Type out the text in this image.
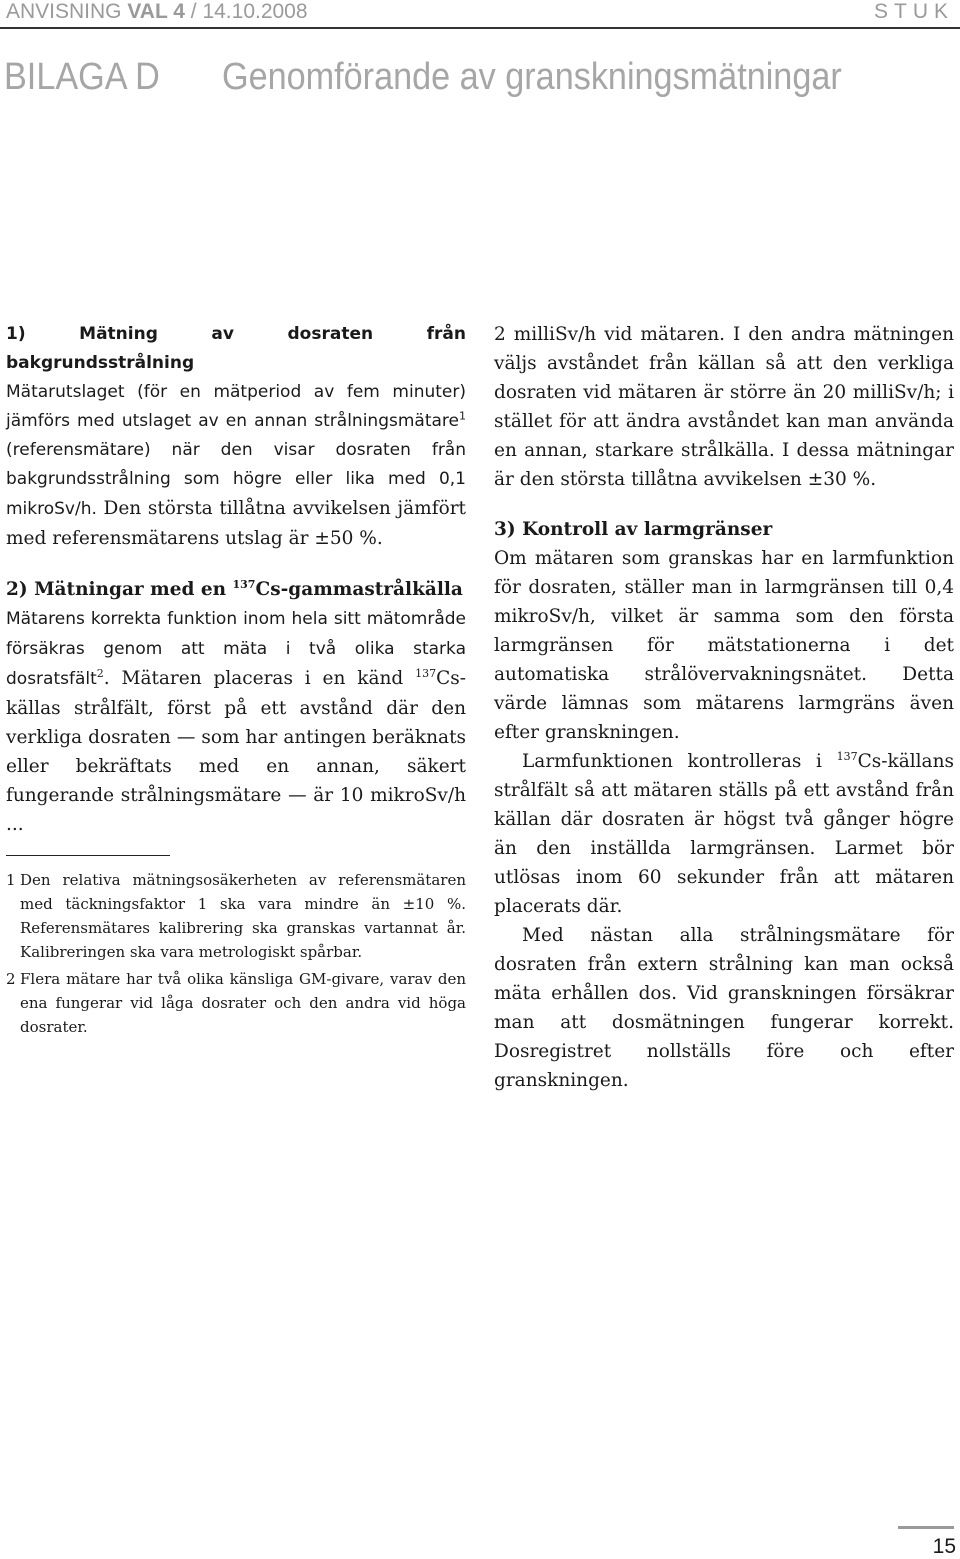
ANVISNING VAL 4 / 14.10.2008	STUK
BILAGA D Genomförande av granskningsmätningar

1) Mätning av dosraten från bakgrundsstrålning

Mätarutslaget (för en mätperiod av fem minuter) jämförs med utslaget av en annan strålningsmätare$^1$ (referensmätare) när den visar dosraten från bakgrundsstrålning som högre eller lika med 0,1 mikroSv/h. Den största tillåtna avvikelsen jämfört med referensmätarens utslag är ±50 %.

2) Mätningar med en $^{137}$Cs-gammastrålkälla

Mätarens korrekta funktion inom hela sitt mätområde försäkras genom att mäta i två olika starka dosratsfält$^2$. Mätaren placeras i en känd $^{137}$Cs-källas strålfält, först på ett avstånd där den verkliga dosraten — som har antingen beräknats eller bekräftats med en annan, säkert fungerande strålningsmätare — är 10 mikroSv/h ...

1 Den relativa mätningsosäkerheten av referensmätaren med täckningsfaktor 1 ska vara mindre än ±10 %. Referensmätares kalibrering ska granskas vartannat år. Kalibreringen ska vara metrologiskt spårbar.

2 Flera mätare har två olika känsliga GM-givare, varav den ena fungerar vid låga dosrater och den andra vid höga dosrater.

2 milliSv/h vid mätaren. I den andra mätningen väljs avståndet från källan så att den verkliga dosraten vid mätaren är större än 20 milliSv/h; i stället för att ändra avståndet kan man använda en annan, starkare strålkälla. I dessa mätningar är den största tillåtna avvikelsen ±30 %.

3) Kontroll av larmgränser

Om mätaren som granskas har en larmfunktion för dosraten, ställer man in larmgränsen till 0,4 mikroSv/h, vilket är samma som den första larmgränsen för mätstationerna i det automatiska strålövervakningsnätet. Detta värde lämnas som mätarens larmgräns även efter granskningen.

Larmfunktionen kontrolleras i $^{137}$Cs-källans strålfält så att mätaren ställs på ett avstånd från källan där dosraten är högst två gånger högre än den inställda larmgränsen. Larmet bör utlösas inom 60 sekunder från att mätaren placerats där.

Med nästan alla strålningsmätare för dosraten från extern strålning kan man också mäta erhållen dos. Vid granskningen försäkrar man att dosmätningen fungerar korrekt. Dosregistret nollställs före och efter granskningen.

15
